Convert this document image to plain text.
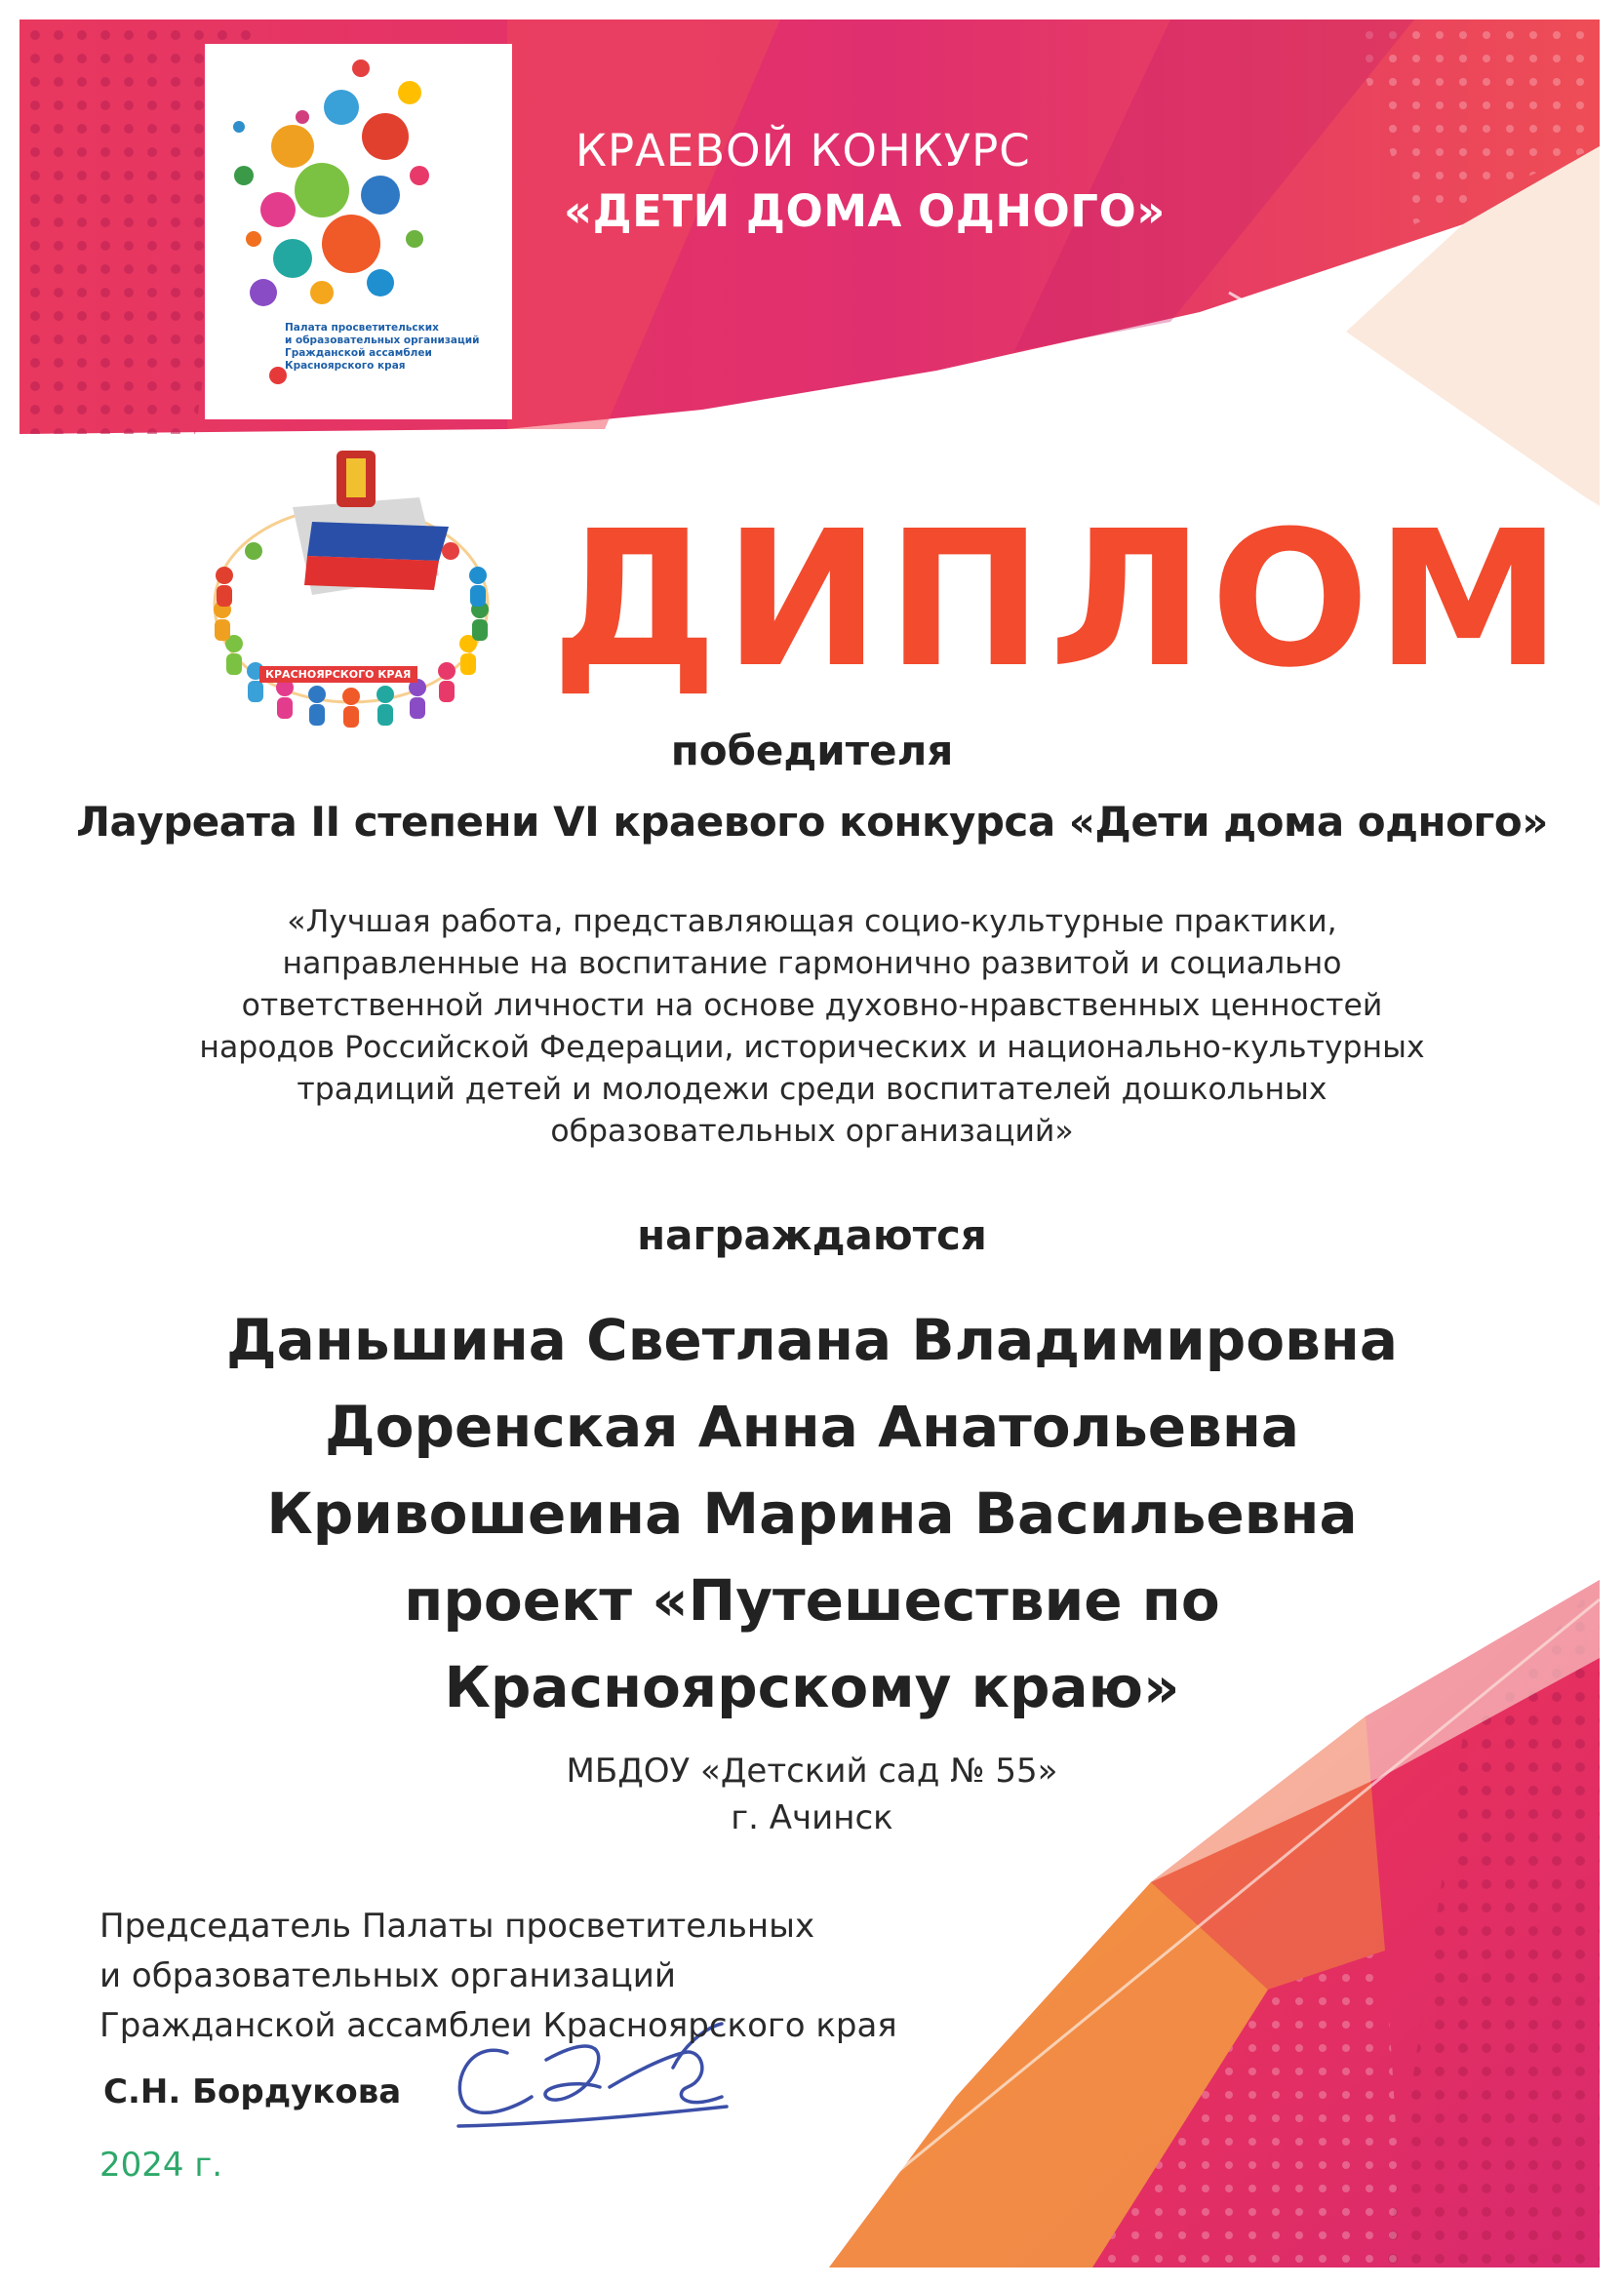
КРАЕВОЙ КОНКУРС
«ДЕТИ ДОМА ОДНОГО»
Палата просветительских
и образовательных организаций
Гражданской ассамблеи
Красноярского края
ГРАЖДАНСКАЯ
АССАМБЛЕЯ
КРАСНОЯРСКОГО КРАЯ ДИПЛОМ
победителя
Лауреата II степени VI краевого конкурса «Дети дома одного»
«Лучшая работа, представляющая социо-культурные практики,
направленные на воспитание гармонично развитой и социально
ответственной личности на основе духовно-нравственных ценностей
народов Российской Федерации, исторических и национально-культурных
традиций детей и молодежи среди воспитателей дошкольных
образовательных организаций»
награждаются
Даньшина Светлана Владимировна
Доренская Анна Анатольевна
Кривошеина Марина Васильевна
проект «Путешествие по
Красноярскому краю»
МБДОУ «Детский сад № 55»
г. Ачинск
Председатель Палаты просветительных
и образовательных организаций
Гражданской ассамблеи Красноярского края
С.Н. Бордукова
2024 г.
